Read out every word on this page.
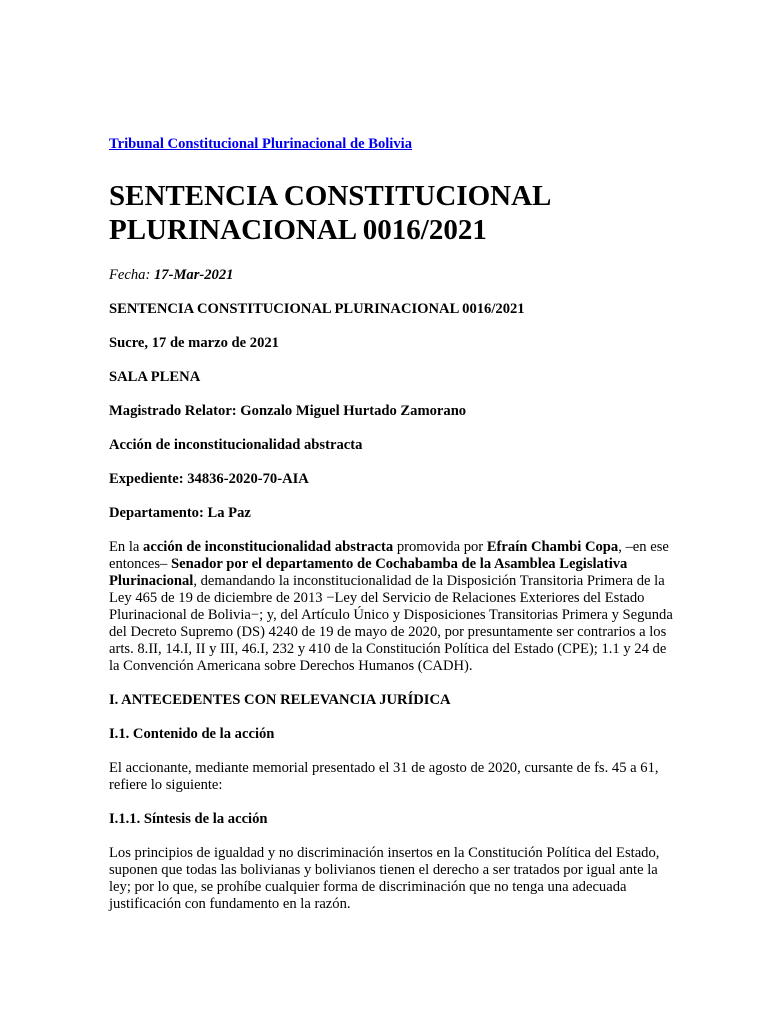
Tribunal Constitucional Plurinacional de Bolivia

SENTENCIA CONSTITUCIONAL
PLURINACIONAL 0016/2021

Fecha: 17-Mar-2021

SENTENCIA CONSTITUCIONAL PLURINACIONAL 0016/2021

Sucre, 17 de marzo de 2021

SALA PLENA

Magistrado Relator: Gonzalo Miguel Hurtado Zamorano

Acción de inconstitucionalidad abstracta

Expediente: 34836-2020-70-AIA

Departamento: La Paz

En la acción de inconstitucionalidad abstracta promovida por Efraín Chambi Copa, –en ese entonces– Senador por el departamento de Cochabamba de la Asamblea Legislativa Plurinacional, demandando la inconstitucionalidad de la Disposición Transitoria Primera de la Ley 465 de 19 de diciembre de 2013 −Ley del Servicio de Relaciones Exteriores del Estado Plurinacional de Bolivia−; y, del Artículo Único y Disposiciones Transitorias Primera y Segunda del Decreto Supremo (DS) 4240 de 19 de mayo de 2020, por presuntamente ser contrarios a los arts. 8.II, 14.I, II y III, 46.I, 232 y 410 de la Constitución Política del Estado (CPE); 1.1 y 24 de la Convención Americana sobre Derechos Humanos (CADH).

I. ANTECEDENTES CON RELEVANCIA JURÍDICA

I.1. Contenido de la acción

El accionante, mediante memorial presentado el 31 de agosto de 2020, cursante de fs. 45 a 61, refiere lo siguiente:

I.1.1. Síntesis de la acción

Los principios de igualdad y no discriminación insertos en la Constitución Política del Estado, suponen que todas las bolivianas y bolivianos tienen el derecho a ser tratados por igual ante la ley; por lo que, se prohíbe cualquier forma de discriminación que no tenga una adecuada justificación con fundamento en la razón.
